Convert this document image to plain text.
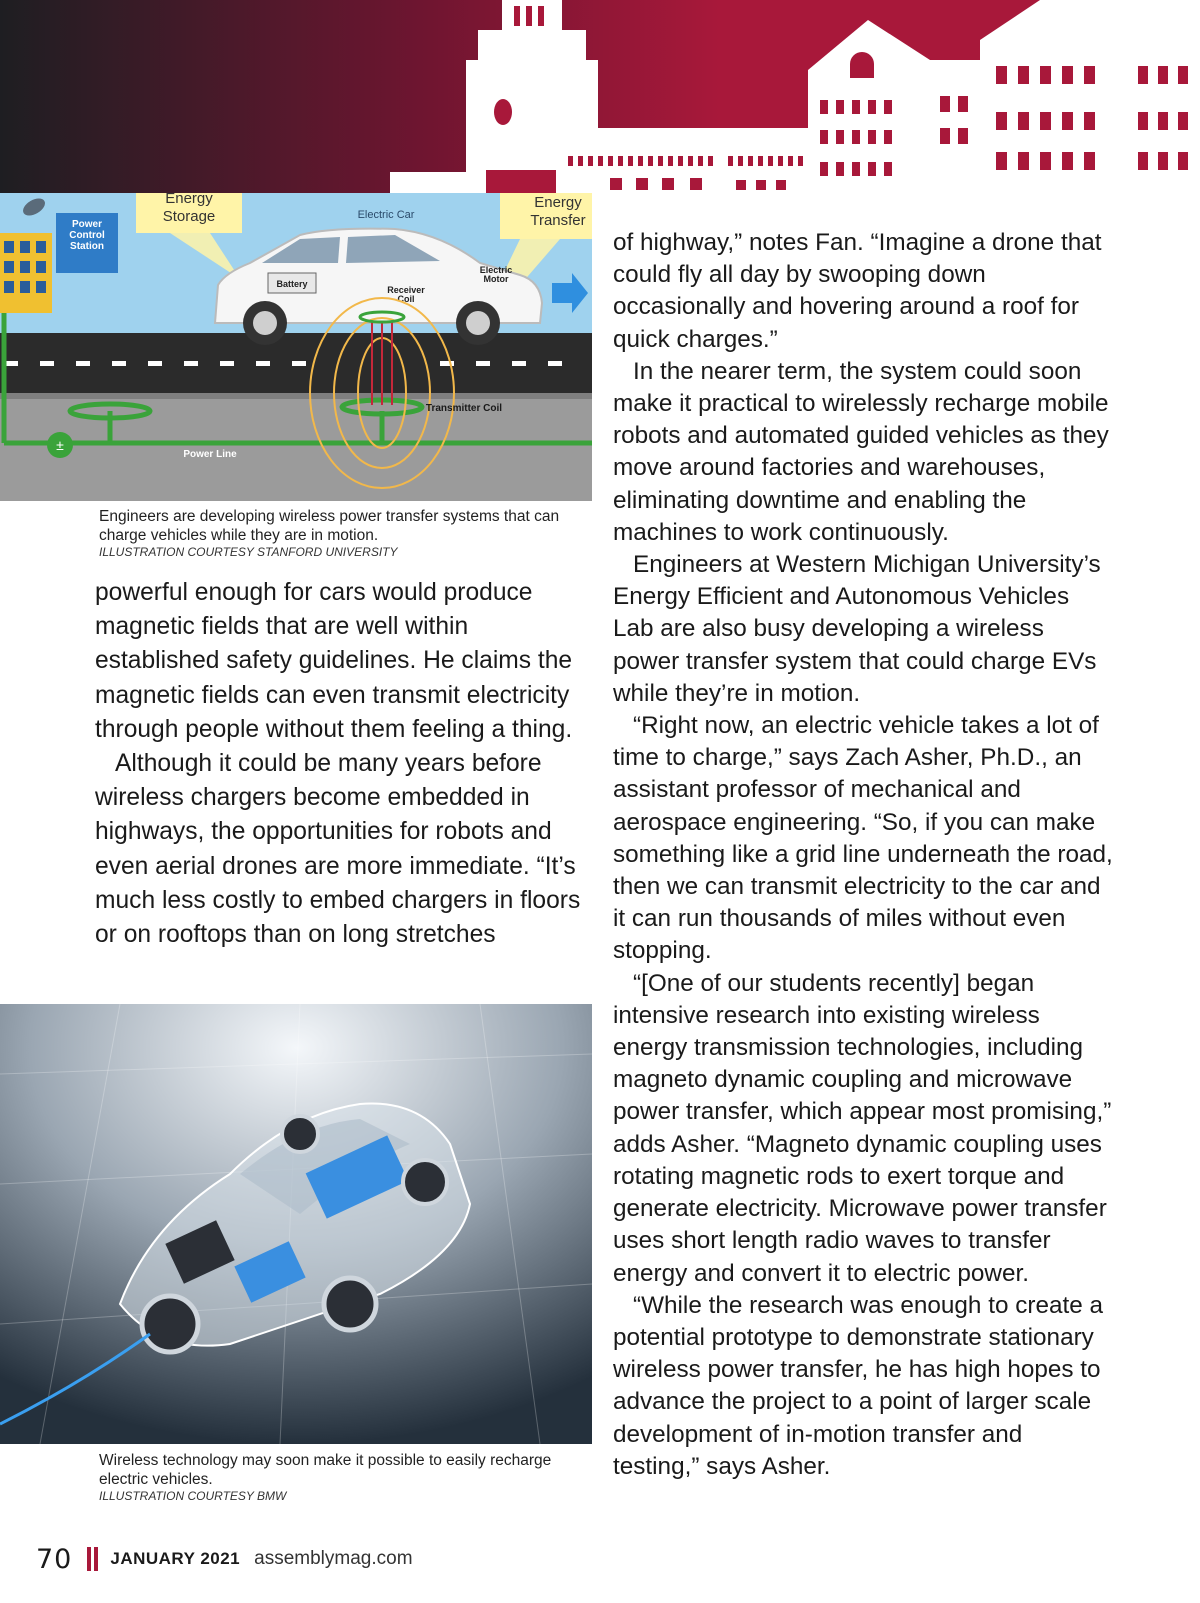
Power Control Station
Energy Storage
Energy Transfer
Electric Car
Battery
Receiver Coil
Electric Motor
±
Transmitter Coil
Power Line
Engineers are developing wireless power transfer systems that can charge vehicles while they are in motion.
ILLUSTRATION COURTESY STANFORD UNIVERSITY
Wireless technology may soon make it possible to easily recharge electric vehicles.
ILLUSTRATION COURTESY BMW

powerful enough for cars would produce magnetic fields that are well within established safety guidelines. He claims the magnetic fields can even transmit electricity through people without them feeling a thing.

Although it could be many years before wireless chargers become embedded in highways, the opportunities for robots and even aerial drones are more immediate. “It’s much less costly to embed chargers in floors or on rooftops than on long stretches

of highway,” notes Fan. “Imagine a drone that could fly all day by swooping down occasionally and hovering around a roof for quick charges.”

In the nearer term, the system could soon make it practical to wirelessly recharge mobile robots and automated guided vehicles as they move around factories and warehouses, eliminating downtime and enabling the machines to work continuously.

Engineers at Western Michigan University’s Energy Efficient and Autonomous Vehicles Lab are also busy developing a wireless power transfer system that could charge EVs while they’re in motion.

“Right now, an electric vehicle takes a lot of time to charge,” says Zach Asher, Ph.D., an assistant professor of mechanical and aerospace engineering. “So, if you can make something like a grid line underneath the road, then we can transmit electricity to the car and it can run thousands of miles without even stopping.

“[One of our students recently] began intensive research into existing wireless energy transmission technologies, including magneto dynamic coupling and microwave power transfer, which appear most promising,” adds Asher. “Magneto dynamic coupling uses rotating magnetic rods to exert torque and generate electricity. Microwave power transfer uses short length radio waves to transfer energy and convert it to electric power.

“While the research was enough to create a potential prototype to demonstrate stationary wireless power transfer, he has high hopes to advance the project to a point of larger scale development of in-motion transfer and testing,” says Asher.

70 JANUARY 2021 assemblymag.com
